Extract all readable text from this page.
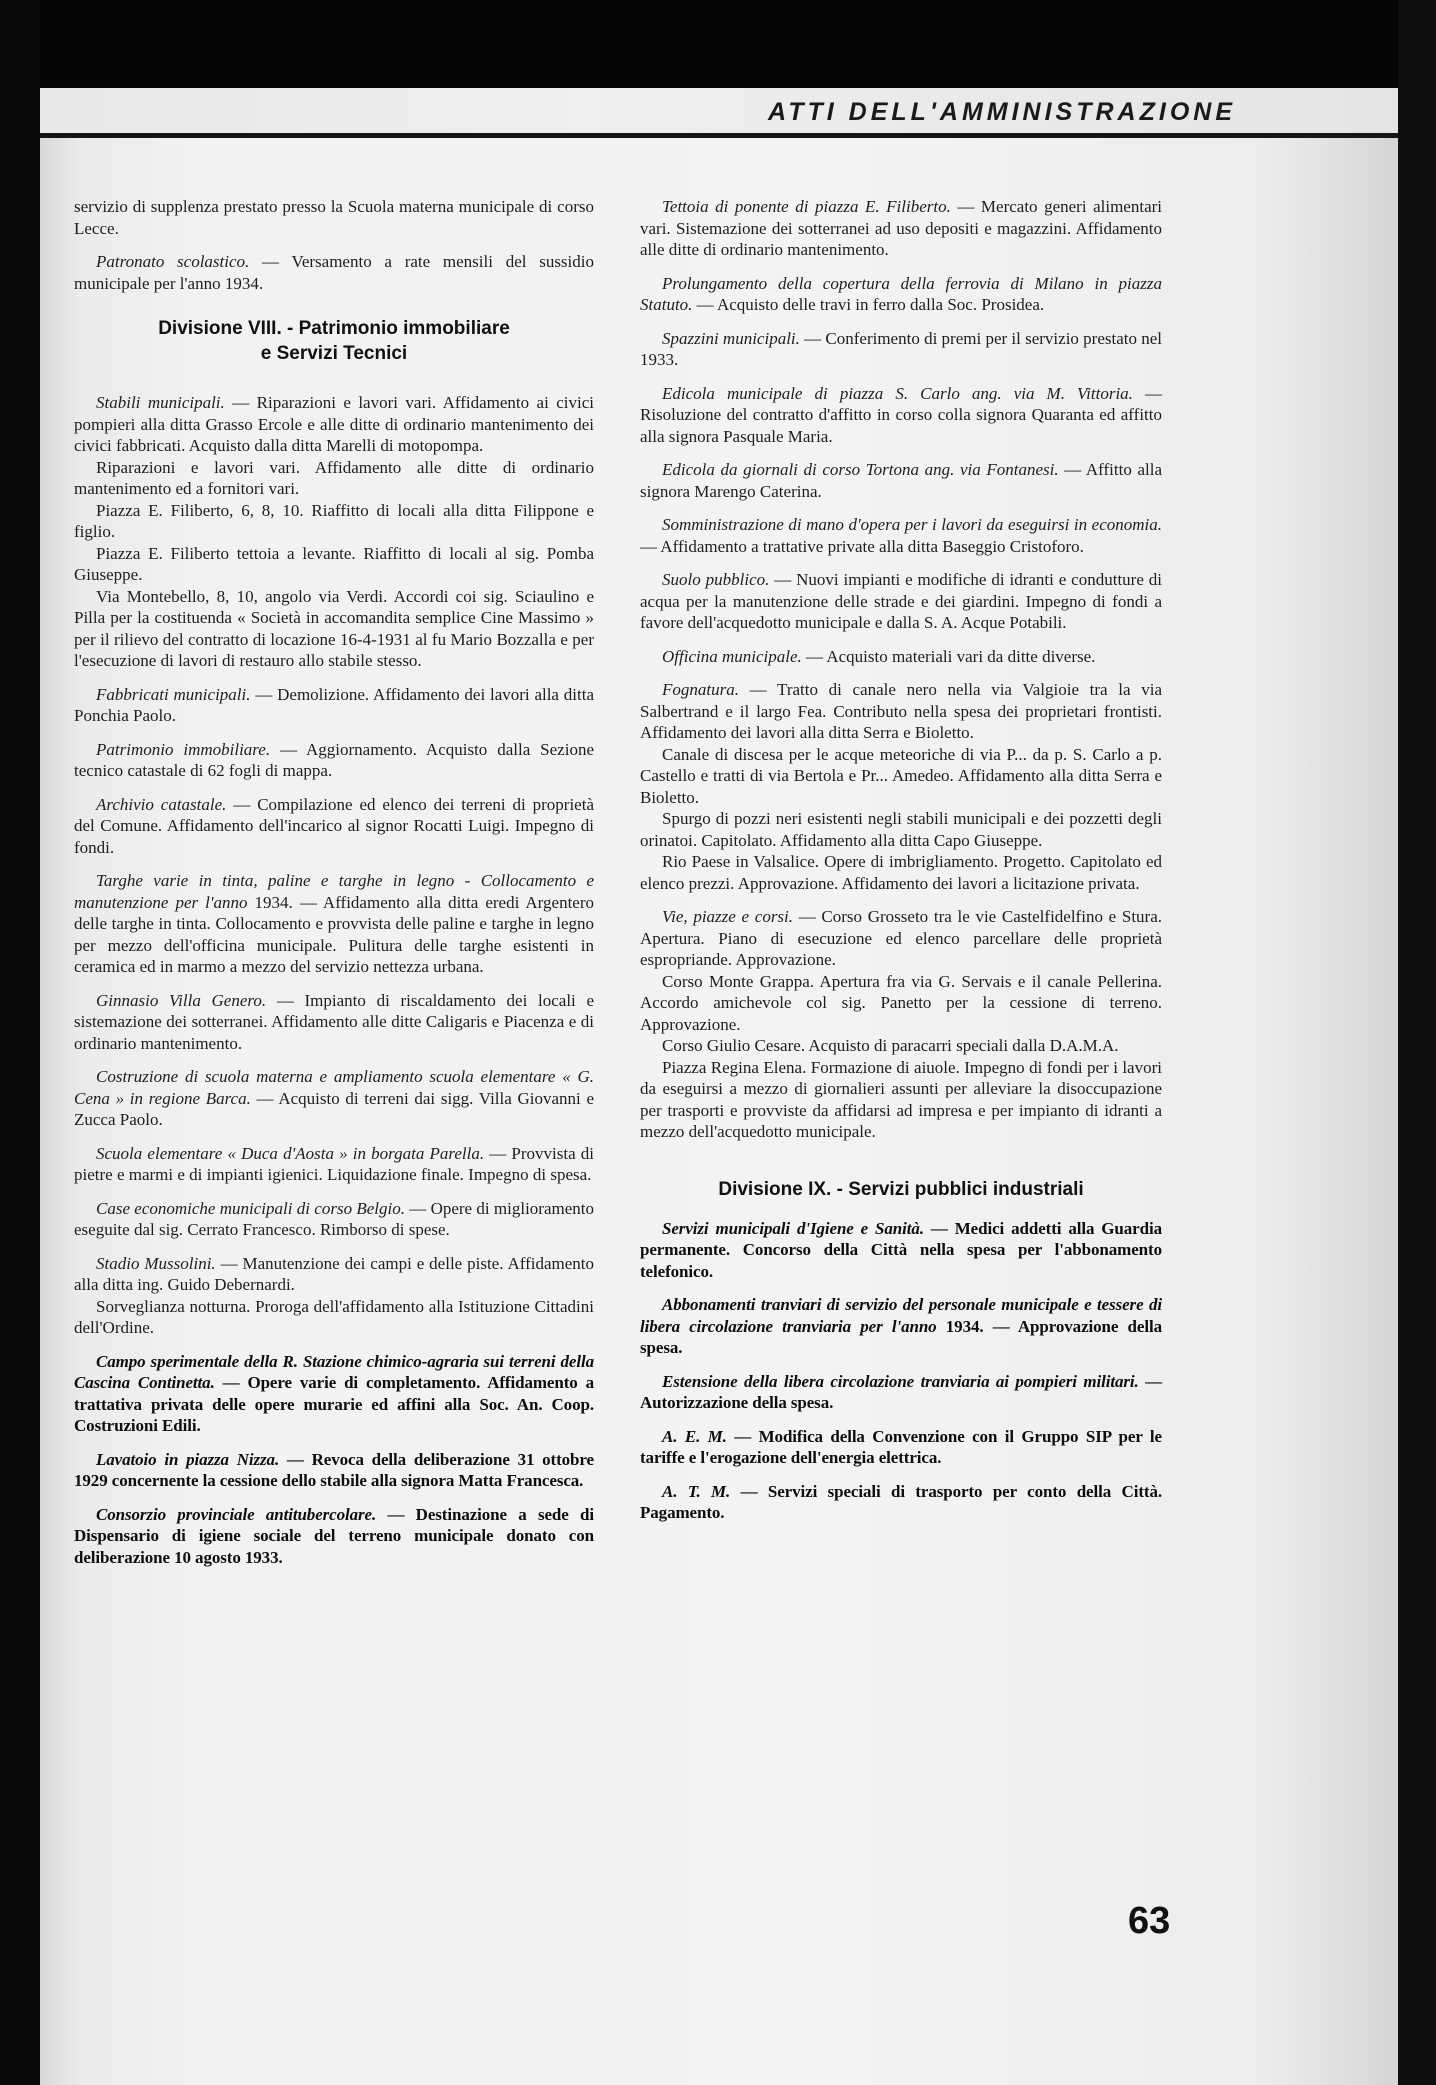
ATTI DELL'AMMINISTRAZIONE

servizio di supplenza prestato presso la Scuola materna municipale di corso Lecce.

Patronato scolastico. — Versamento a rate mensili del sussidio municipale per l'anno 1934.

Divisione VIII. - Patrimonio immobiliare
e Servizi Tecnici

Stabili municipali. — Riparazioni e lavori vari. Affidamento ai civici pompieri alla ditta Grasso Ercole e alle ditte di ordinario mantenimento dei civici fabbricati. Acquisto dalla ditta Marelli di motopompa.

Riparazioni e lavori vari. Affidamento alle ditte di ordinario mantenimento ed a fornitori vari.

Piazza E. Filiberto, 6, 8, 10. Riaffitto di locali alla ditta Filippone e figlio.

Piazza E. Filiberto tettoia a levante. Riaffitto di locali al sig. Pomba Giuseppe.

Via Montebello, 8, 10, angolo via Verdi. Accordi coi sig. Sciaulino e Pilla per la costituenda « Società in accomandita semplice Cine Massimo » per il rilievo del contratto di locazione 16-4-1931 al fu Mario Bozzalla e per l'esecuzione di lavori di restauro allo stabile stesso.

Fabbricati municipali. — Demolizione. Affidamento dei lavori alla ditta Ponchia Paolo.

Patrimonio immobiliare. — Aggiornamento. Acquisto dalla Sezione tecnico catastale di 62 fogli di mappa.

Archivio catastale. — Compilazione ed elenco dei terreni di proprietà del Comune. Affidamento dell'incarico al signor Rocatti Luigi. Impegno di fondi.

Targhe varie in tinta, paline e targhe in legno - Collocamento e manutenzione per l'anno 1934. — Affidamento alla ditta eredi Argentero delle targhe in tinta. Collocamento e provvista delle paline e targhe in legno per mezzo dell'officina municipale. Pulitura delle targhe esistenti in ceramica ed in marmo a mezzo del servizio nettezza urbana.

Ginnasio Villa Genero. — Impianto di riscaldamento dei locali e sistemazione dei sotterranei. Affidamento alle ditte Caligaris e Piacenza e di ordinario mantenimento.

Costruzione di scuola materna e ampliamento scuola elementare « G. Cena » in regione Barca. — Acquisto di terreni dai sigg. Villa Giovanni e Zucca Paolo.

Scuola elementare « Duca d'Aosta » in borgata Parella. — Provvista di pietre e marmi e di impianti igienici. Liquidazione finale. Impegno di spesa.

Case economiche municipali di corso Belgio. — Opere di miglioramento eseguite dal sig. Cerrato Francesco. Rimborso di spese.

Stadio Mussolini. — Manutenzione dei campi e delle piste. Affidamento alla ditta ing. Guido Debernardi.

Sorveglianza notturna. Proroga dell'affidamento alla Istituzione Cittadini dell'Ordine.

Campo sperimentale della R. Stazione chimico-agraria sui terreni della Cascina Continetta. — Opere varie di completamento. Affidamento a trattativa privata delle opere murarie ed affini alla Soc. An. Coop. Costruzioni Edili.

Lavatoio in piazza Nizza. — Revoca della deliberazione 31 ottobre 1929 concernente la cessione dello stabile alla signora Matta Francesca.

Consorzio provinciale antitubercolare. — Destinazione a sede di Dispensario di igiene sociale del terreno municipale donato con deliberazione 10 agosto 1933.

Tettoia di ponente di piazza E. Filiberto. — Mercato generi alimentari vari. Sistemazione dei sotterranei ad uso depositi e magazzini. Affidamento alle ditte di ordinario mantenimento.

Prolungamento della copertura della ferrovia di Milano in piazza Statuto. — Acquisto delle travi in ferro dalla Soc. Prosidea.

Spazzini municipali. — Conferimento di premi per il servizio prestato nel 1933.

Edicola municipale di piazza S. Carlo ang. via M. Vittoria. — Risoluzione del contratto d'affitto in corso colla signora Quaranta ed affitto alla signora Pasquale Maria.

Edicola da giornali di corso Tortona ang. via Fontanesi. — Affitto alla signora Marengo Caterina.

Somministrazione di mano d'opera per i lavori da eseguirsi in economia. — Affidamento a trattative private alla ditta Baseggio Cristoforo.

Suolo pubblico. — Nuovi impianti e modifiche di idranti e condutture di acqua per la manutenzione delle strade e dei giardini. Impegno di fondi a favore dell'acquedotto municipale e dalla S. A. Acque Potabili.

Officina municipale. — Acquisto materiali vari da ditte diverse.

Fognatura. — Tratto di canale nero nella via Valgioie tra la via Salbertrand e il largo Fea. Contributo nella spesa dei proprietari frontisti. Affidamento dei lavori alla ditta Serra e Bioletto.

Canale di discesa per le acque meteoriche di via P... da p. S. Carlo a p. Castello e tratti di via Bertola e Pr... Amedeo. Affidamento alla ditta Serra e Bioletto.

Spurgo di pozzi neri esistenti negli stabili municipali e dei pozzetti degli orinatoi. Capitolato. Affidamento alla ditta Capo Giuseppe.

Rio Paese in Valsalice. Opere di imbrigliamento. Progetto. Capitolato ed elenco prezzi. Approvazione. Affidamento dei lavori a licitazione privata.

Vie, piazze e corsi. — Corso Grosseto tra le vie Castelfidelfino e Stura. Apertura. Piano di esecuzione ed elenco parcellare delle proprietà espropriande. Approvazione.

Corso Monte Grappa. Apertura fra via G. Servais e il canale Pellerina. Accordo amichevole col sig. Panetto per la cessione di terreno. Approvazione.

Corso Giulio Cesare. Acquisto di paracarri speciali dalla D.A.M.A.

Piazza Regina Elena. Formazione di aiuole. Impegno di fondi per i lavori da eseguirsi a mezzo di giornalieri assunti per alleviare la disoccupazione per trasporti e provviste da affidarsi ad impresa e per impianto di idranti a mezzo dell'acquedotto municipale.

Divisione IX. - Servizi pubblici industriali

Servizi municipali d'Igiene e Sanità. — Medici addetti alla Guardia permanente. Concorso della Città nella spesa per l'abbonamento telefonico.

Abbonamenti tranviari di servizio del personale municipale e tessere di libera circolazione tranviaria per l'anno 1934. — Approvazione della spesa.

Estensione della libera circolazione tranviaria ai pompieri militari. — Autorizzazione della spesa.

A. E. M. — Modifica della Convenzione con il Gruppo SIP per le tariffe e l'erogazione dell'energia elettrica.

A. T. M. — Servizi speciali di trasporto per conto della Città. Pagamento.

63
